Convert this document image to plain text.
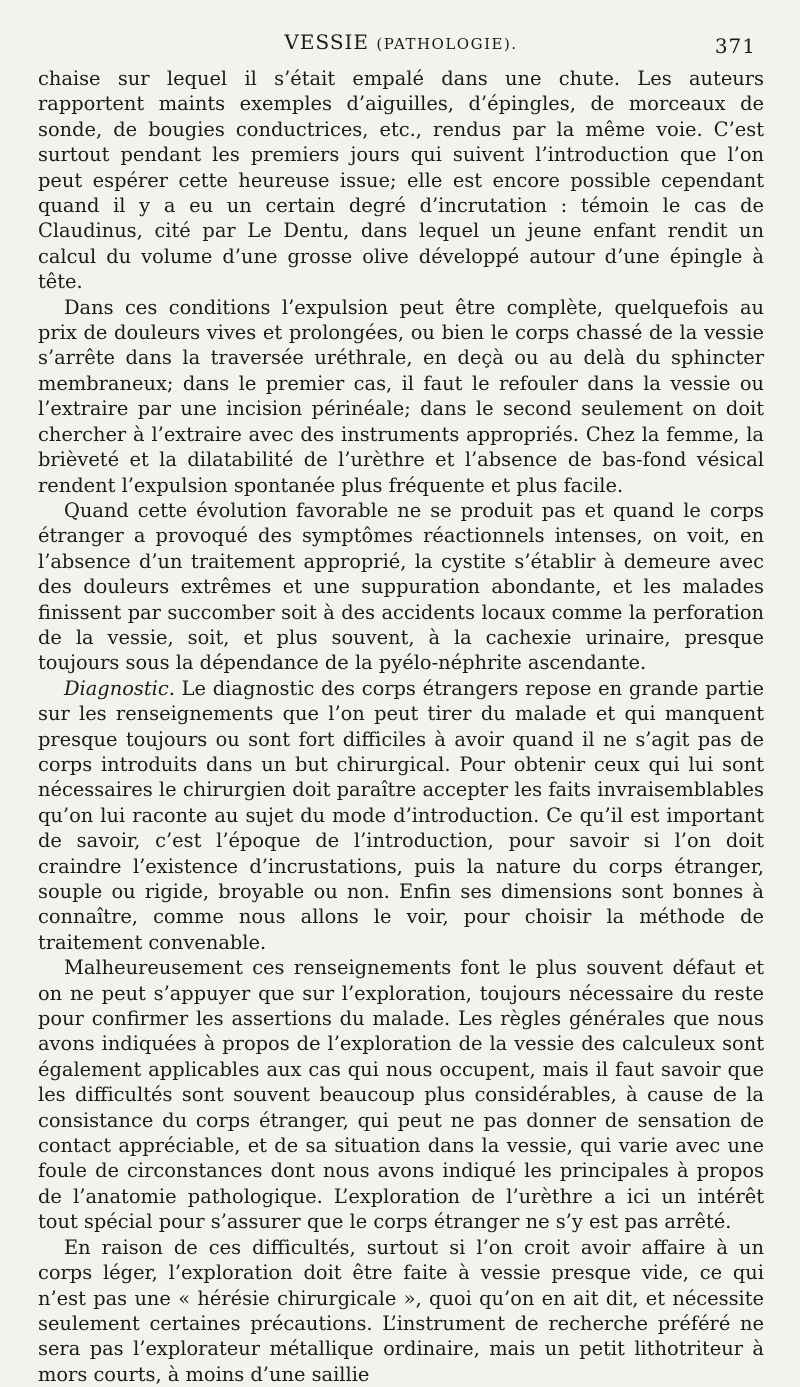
VESSIE (PATHOLOGIE).	371

chaise sur lequel il s’était empalé dans une chute. Les auteurs rapportent maints exemples d’aiguilles, d’épingles, de morceaux de sonde, de bougies conductrices, etc., rendus par la même voie. C’est surtout pendant les premiers jours qui suivent l’introduction que l’on peut espérer cette heureuse issue; elle est encore possible cependant quand il y a eu un certain degré d’incrutation : témoin le cas de Claudinus, cité par Le Dentu, dans lequel un jeune enfant rendit un calcul du volume d’une grosse olive développé autour d’une épingle à tête.

Dans ces conditions l’expulsion peut être complète, quelquefois au prix de douleurs vives et prolongées, ou bien le corps chassé de la vessie s’arrête dans la traversée uréthrale, en deçà ou au delà du sphincter membraneux; dans le premier cas, il faut le refouler dans la vessie ou l’extraire par une incision périnéale; dans le second seulement on doit chercher à l’extraire avec des instruments appropriés. Chez la femme, la brièveté et la dilatabilité de l’urèthre et l’absence de bas-fond vésical rendent l’expulsion spontanée plus fréquente et plus facile.

Quand cette évolution favorable ne se produit pas et quand le corps étranger a provoqué des symptômes réactionnels intenses, on voit, en l’absence d’un traitement approprié, la cystite s’établir à demeure avec des douleurs extrêmes et une suppuration abondante, et les malades finissent par succomber soit à des accidents locaux comme la perforation de la vessie, soit, et plus souvent, à la cachexie urinaire, presque toujours sous la dépendance de la pyélo-néphrite ascendante.

Diagnostic. Le diagnostic des corps étrangers repose en grande partie sur les renseignements que l’on peut tirer du malade et qui manquent presque toujours ou sont fort difficiles à avoir quand il ne s’agit pas de corps introduits dans un but chirurgical. Pour obtenir ceux qui lui sont nécessaires le chirurgien doit paraître accepter les faits invraisemblables qu’on lui raconte au sujet du mode d’introduction. Ce qu’il est important de savoir, c’est l’époque de l’introduction, pour savoir si l’on doit craindre l’existence d’incrustations, puis la nature du corps étranger, souple ou rigide, broyable ou non. Enfin ses dimensions sont bonnes à connaître, comme nous allons le voir, pour choisir la méthode de traitement convenable.

Malheureusement ces renseignements font le plus souvent défaut et on ne peut s’appuyer que sur l’exploration, toujours nécessaire du reste pour confirmer les assertions du malade. Les règles générales que nous avons indiquées à propos de l’exploration de la vessie des calculeux sont également applicables aux cas qui nous occupent, mais il faut savoir que les difficultés sont souvent beaucoup plus considérables, à cause de la consistance du corps étranger, qui peut ne pas donner de sensation de contact appréciable, et de sa situation dans la vessie, qui varie avec une foule de circonstances dont nous avons indiqué les principales à propos de l’anatomie pathologique. L’exploration de l’urèthre a ici un intérêt tout spécial pour s’assurer que le corps étranger ne s’y est pas arrêté.

En raison de ces difficultés, surtout si l’on croit avoir affaire à un corps léger, l’exploration doit être faite à vessie presque vide, ce qui n’est pas une « hérésie chirurgicale », quoi qu’on en ait dit, et nécessite seulement certaines précautions. L’instrument de recherche préféré ne sera pas l’explorateur métallique ordinaire, mais un petit lithotriteur à mors courts, à moins d’une saillie
